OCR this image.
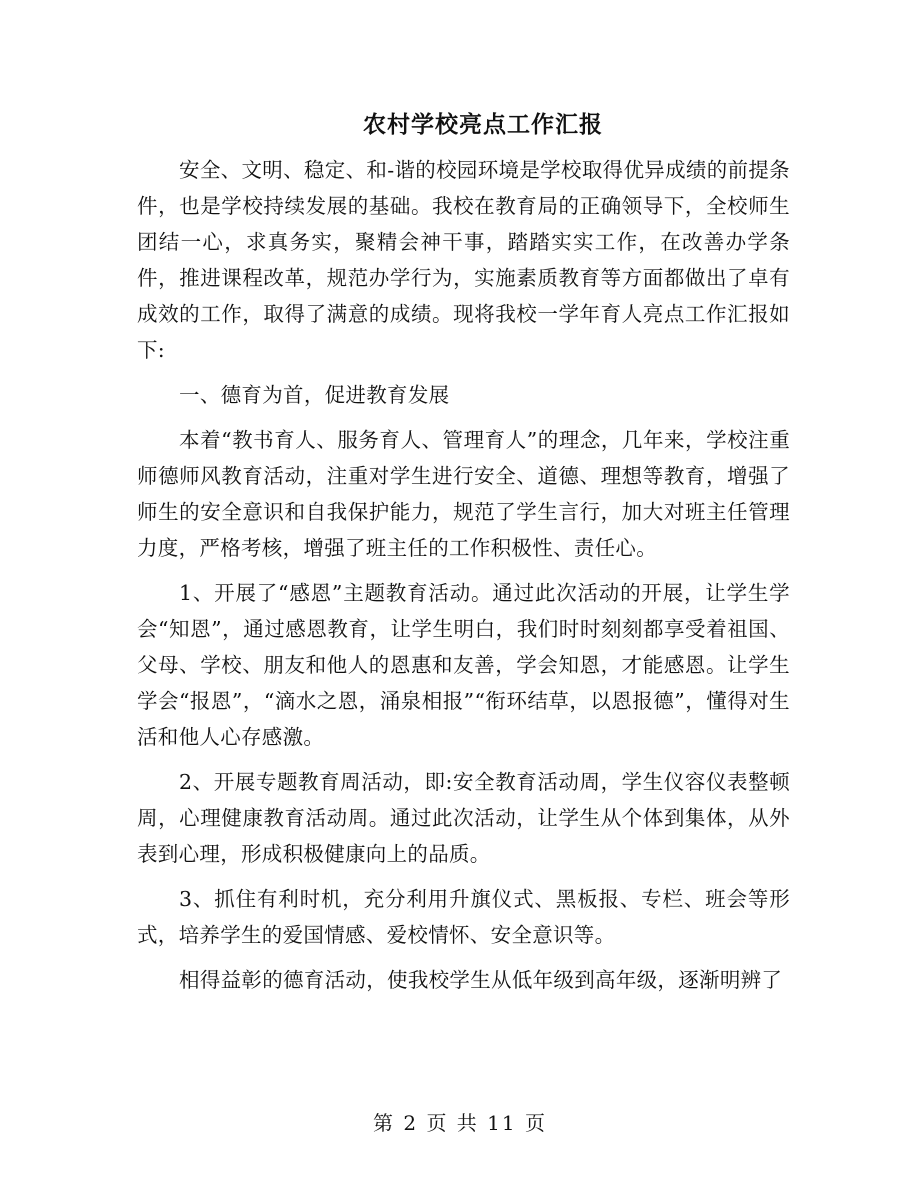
农村学校亮点工作汇报

安全、文明、稳定、和-谐的校园环境是学校取得优异成绩的前提条件，也是学校持续发展的基础。我校在教育局的正确领导下，全校师生团结一心，求真务实，聚精会神干事，踏踏实实工作，在改善办学条件，推进课程改革，规范办学行为，实施素质教育等方面都做出了卓有成效的工作，取得了满意的成绩。现将我校一学年育人亮点工作汇报如下:

一、德育为首，促进教育发展

本着“教书育人、服务育人、管理育人”的理念，几年来，学校注重师德师风教育活动，注重对学生进行安全、道德、理想等教育，增强了师生的安全意识和自我保护能力，规范了学生言行，加大对班主任管理力度，严格考核，增强了班主任的工作积极性、责任心。

1、开展了“感恩”主题教育活动。通过此次活动的开展，让学生学会“知恩”，通过感恩教育，让学生明白，我们时时刻刻都享受着祖国、父母、学校、朋友和他人的恩惠和友善，学会知恩，才能感恩。让学生学会“报恩”，“滴水之恩，涌泉相报”“衔环结草，以恩报德”，懂得对生活和他人心存感激。

2、开展专题教育周活动，即:安全教育活动周，学生仪容仪表整顿周，心理健康教育活动周。通过此次活动，让学生从个体到集体，从外表到心理，形成积极健康向上的品质。

3、抓住有利时机，充分利用升旗仪式、黑板报、专栏、班会等形式，培养学生的爱国情感、爱校情怀、安全意识等。

相得益彰的德育活动，使我校学生从低年级到高年级，逐渐明辨了

第 2 页 共 11 页
